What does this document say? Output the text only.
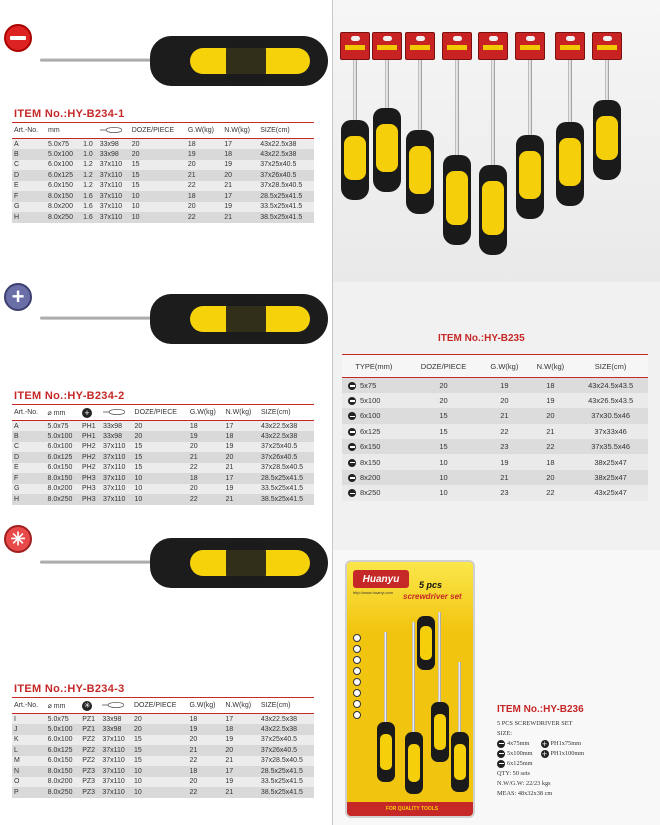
ITEM No.:HY-B234-1
Art.-No.	mm			DOZE/PIECE	G.W(kg)	N.W(kg)	SIZE(cm)
A	5.0x75	1.0	33x98	20	18	17	43x22.5x38
B	5.0x100	1.0	33x98	20	19	18	43x22.5x38
C	6.0x100	1.2	37x110	15	20	19	37x25x40.5
D	6.0x125	1.2	37x110	15	21	20	37x26x40.5
E	6.0x150	1.2	37x110	15	22	21	37x28.5x40.5
F	8.0x150	1.6	37x110	10	18	17	28.5x25x41.5
G	8.0x200	1.6	37x110	10	20	19	33.5x25x41.5
H	8.0x250	1.6	37x110	10	22	21	38.5x25x41.5
+
ITEM No.:HY-B234-2
Art.-No.	⌀ mm	+		DOZE/PIECE	G.W(kg)	N.W(kg)	SIZE(cm)
A	5.0x75	PH1	33x98	20	18	17	43x22.5x38
B	5.0x100	PH1	33x98	20	19	18	43x22.5x38
C	6.0x100	PH2	37x110	15	20	19	37x25x40.5
D	6.0x125	PH2	37x110	15	21	20	37x26x40.5
E	6.0x150	PH2	37x110	15	22	21	37x28.5x40.5
F	8.0x150	PH3	37x110	10	18	17	28.5x25x41.5
G	8.0x200	PH3	37x110	10	20	19	33.5x25x41.5
H	8.0x250	PH3	37x110	10	22	21	38.5x25x41.5
✳
ITEM No.:HY-B234-3
Art.-No.	⌀ mm	✳		DOZE/PIECE	G.W(kg)	N.W(kg)	SIZE(cm)
I	5.0x75	PZ1	33x98	20	18	17	43x22.5x38
J	5.0x100	PZ1	33x98	20	19	18	43x22.5x38
K	6.0x100	PZ2	37x110	15	20	19	37x25x40.5
L	6.0x125	PZ2	37x110	15	21	20	37x26x40.5
M	6.0x150	PZ2	37x110	15	22	21	37x28.5x40.5
N	8.0x150	PZ3	37x110	10	18	17	28.5x25x41.5
O	8.0x200	PZ3	37x110	10	20	19	33.5x25x41.5
P	8.0x250	PZ3	37x110	10	22	21	38.5x25x41.5
ITEM No.:HY-B235
TYPE(mm)	DOZE/PIECE	G.W(kg)	N.W(kg)	SIZE(cm)
5x75	20	19	18	43x24.5x43.5
5x100	20	20	19	43x26.5x43.5
6x100	15	21	20	37x30.5x46
6x125	15	22	21	37x33x46
6x150	15	23	22	37x35.5x46
8x150	10	19	18	38x25x47
8x200	10	21	20	38x25x47
8x250	10	23	22	43x25x47
Huanyu
http://www.huanyi.com
5 pcs
screwdriver set
FOR QUALITY TOOLS
ITEM No.:HY-B236
5 PCS SCREWDRIVER SET
SIZE:
4x75mm
5x100mm
6x125mm
+ PH1x75mm
+ PH1x100mm
QTY: 50 sets
N.W/G.W: 22/23 kgs
MEAS: 48x32x38 cm
